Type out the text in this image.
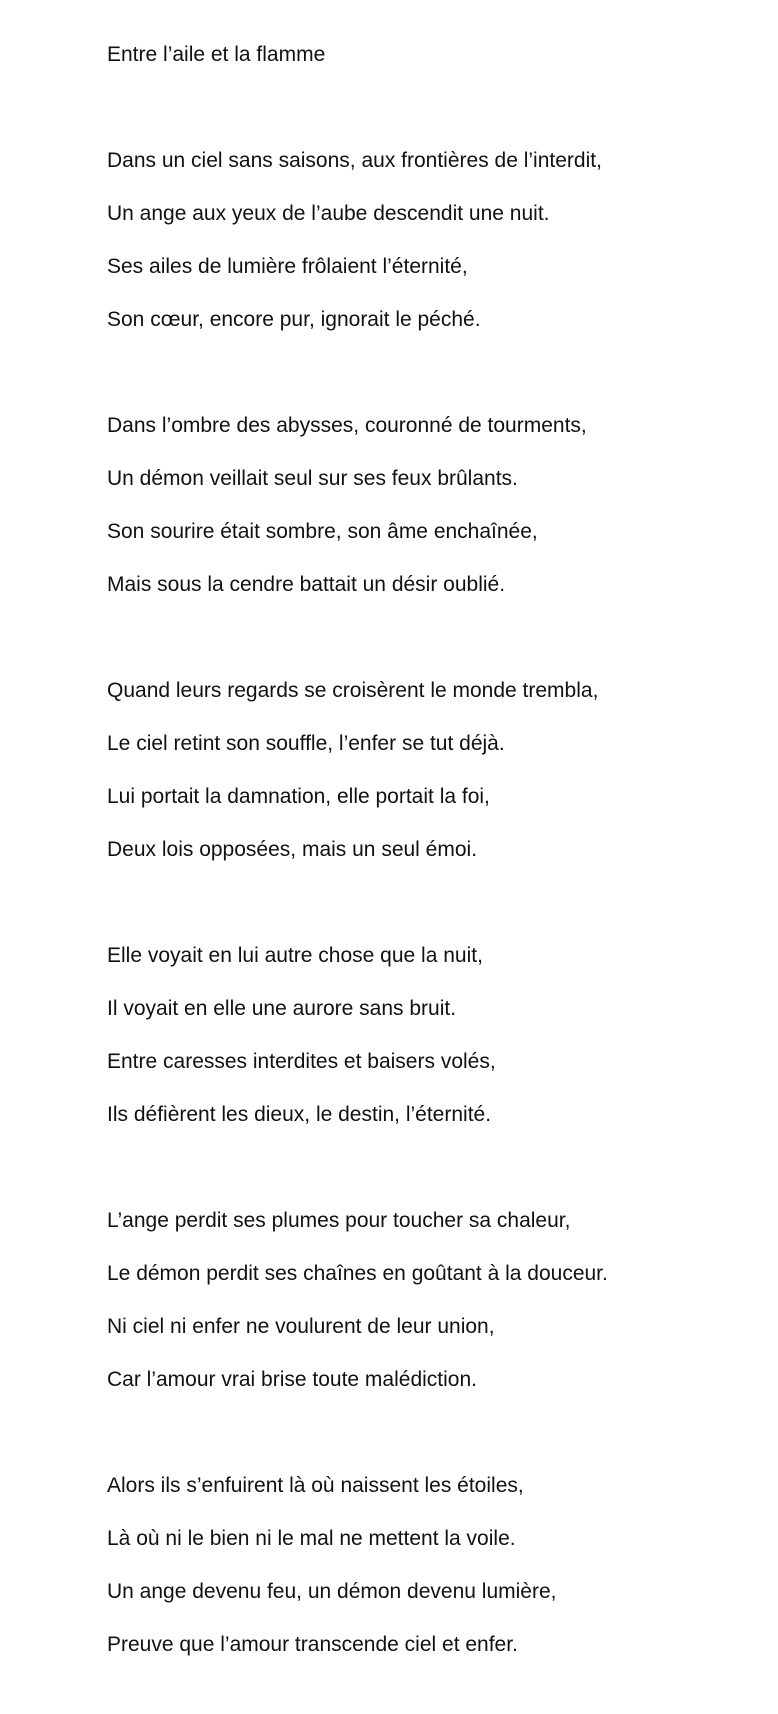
Entre l’aile et la flamme

Dans un ciel sans saisons, aux frontières de l’interdit,

Un ange aux yeux de l’aube descendit une nuit.

Ses ailes de lumière frôlaient l’éternité,

Son cœur, encore pur, ignorait le péché.

Dans l’ombre des abysses, couronné de tourments,

Un démon veillait seul sur ses feux brûlants.

Son sourire était sombre, son âme enchaînée,

Mais sous la cendre battait un désir oublié.

Quand leurs regards se croisèrent le monde trembla,

Le ciel retint son souffle, l’enfer se tut déjà.

Lui portait la damnation, elle portait la foi,

Deux lois opposées, mais un seul émoi.

Elle voyait en lui autre chose que la nuit,

Il voyait en elle une aurore sans bruit.

Entre caresses interdites et baisers volés,

Ils défièrent les dieux, le destin, l’éternité.

L’ange perdit ses plumes pour toucher sa chaleur,

Le démon perdit ses chaînes en goûtant à la douceur.

Ni ciel ni enfer ne voulurent de leur union,

Car l’amour vrai brise toute malédiction.

Alors ils s’enfuirent là où naissent les étoiles,

Là où ni le bien ni le mal ne mettent la voile.

Un ange devenu feu, un démon devenu lumière,

Preuve que l’amour transcende ciel et enfer.
